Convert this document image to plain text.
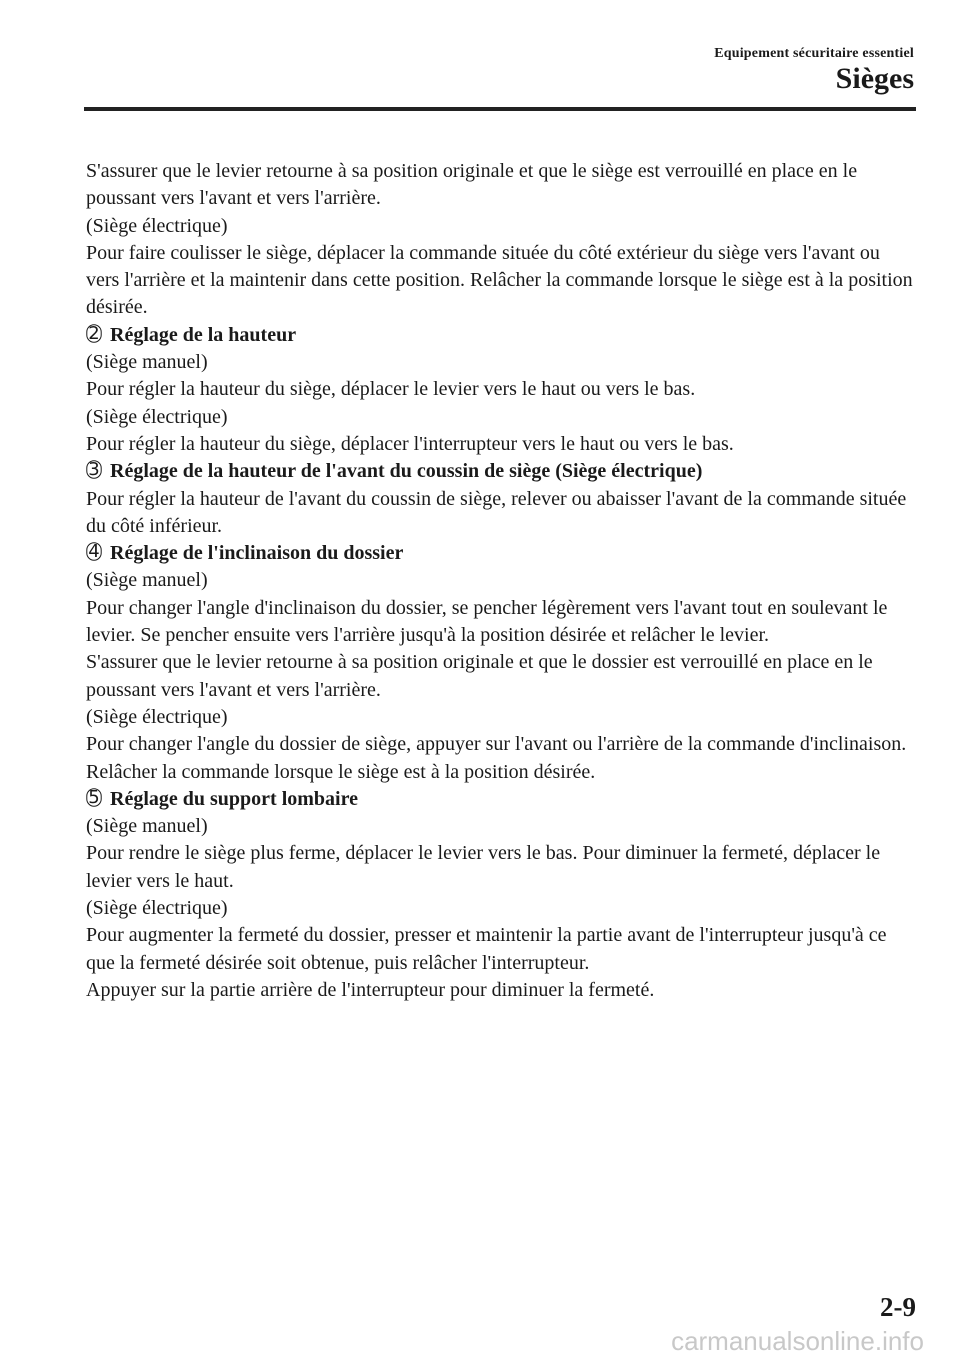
Equipement sécuritaire essentiel
Sièges

S'assurer que le levier retourne à sa position originale et que le siège est verrouillé en place en le poussant vers l'avant et vers l'arrière.

(Siège électrique)

Pour faire coulisser le siège, déplacer la commande située du côté extérieur du siège vers l'avant ou vers l'arrière et la maintenir dans cette position. Relâcher la commande lorsque le siège est à la position désirée.

2 Réglage de la hauteur

(Siège manuel)

Pour régler la hauteur du siège, déplacer le levier vers le haut ou vers le bas.

(Siège électrique)

Pour régler la hauteur du siège, déplacer l'interrupteur vers le haut ou vers le bas.

3 Réglage de la hauteur de l'avant du coussin de siège (Siège électrique)

Pour régler la hauteur de l'avant du coussin de siège, relever ou abaisser l'avant de la commande située du côté inférieur.

4 Réglage de l'inclinaison du dossier

(Siège manuel)

Pour changer l'angle d'inclinaison du dossier, se pencher légèrement vers l'avant tout en soulevant le levier. Se pencher ensuite vers l'arrière jusqu'à la position désirée et relâcher le levier.

S'assurer que le levier retourne à sa position originale et que le dossier est verrouillé en place en le poussant vers l'avant et vers l'arrière.

(Siège électrique)

Pour changer l'angle du dossier de siège, appuyer sur l'avant ou l'arrière de la commande d'inclinaison. Relâcher la commande lorsque le siège est à la position désirée.

5 Réglage du support lombaire

(Siège manuel)

Pour rendre le siège plus ferme, déplacer le levier vers le bas. Pour diminuer la fermeté, déplacer le levier vers le haut.

(Siège électrique)

Pour augmenter la fermeté du dossier, presser et maintenir la partie avant de l'interrupteur jusqu'à ce que la fermeté désirée soit obtenue, puis relâcher l'interrupteur.

Appuyer sur la partie arrière de l'interrupteur pour diminuer la fermeté.

2-9
carmanualsonline.info
